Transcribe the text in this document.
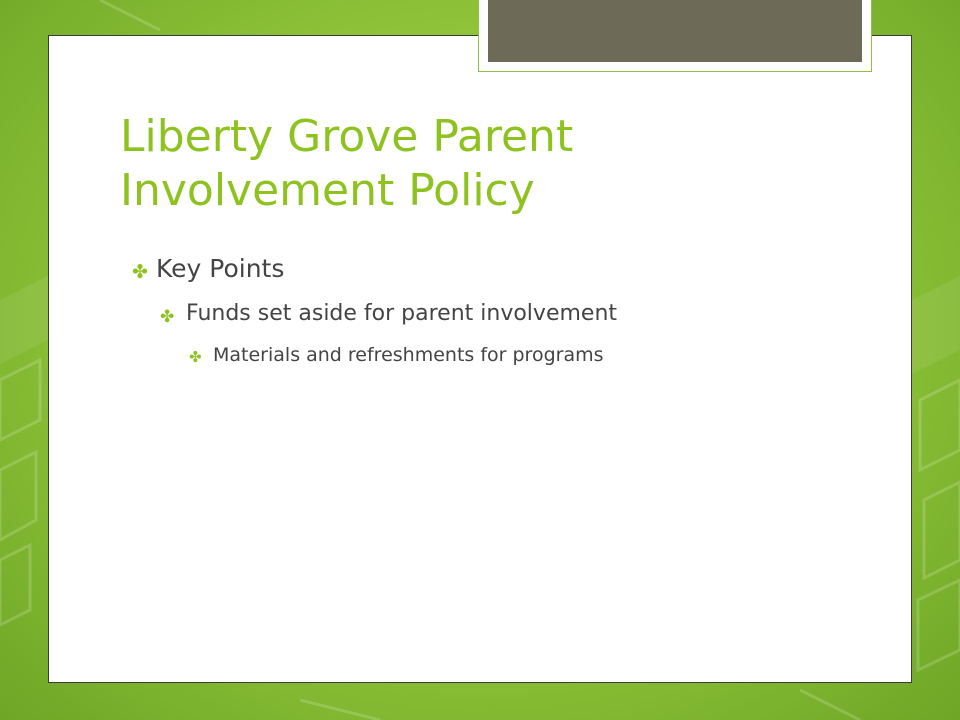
Liberty Grove Parent
Involvement Policy
✤ Key Points
✤ Funds set aside for parent involvement
✤ Materials and refreshments for programs
